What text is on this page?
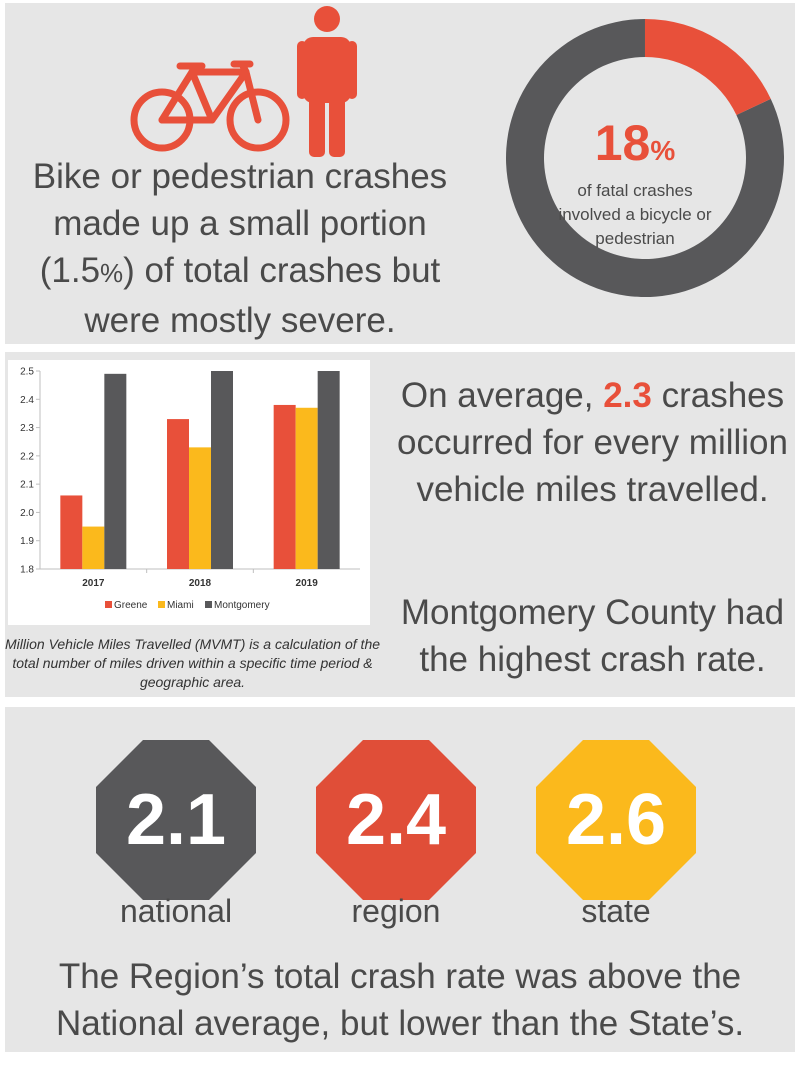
Bike or pedestrian crashes made up a small portion (1.5%) of total crashes but were mostly severe.
18%
of fatal crashes involved a bicycle or pedestrian
1.8
1.9
2.0
2.1
2.2
2.3
2.4
2.5
2017	2018	2019
Greene Miami Montgomery
Million Vehicle Miles Travelled (MVMT) is a calculation of the total number of miles driven within a specific time period & geographic area.
On average, 2.3 crashes occurred for every million vehicle miles travelled.
Montgomery County had the highest crash rate.
2.1
national
2.4
region
2.6
state
The Region’s total crash rate was above the National average, but lower than the State’s.
